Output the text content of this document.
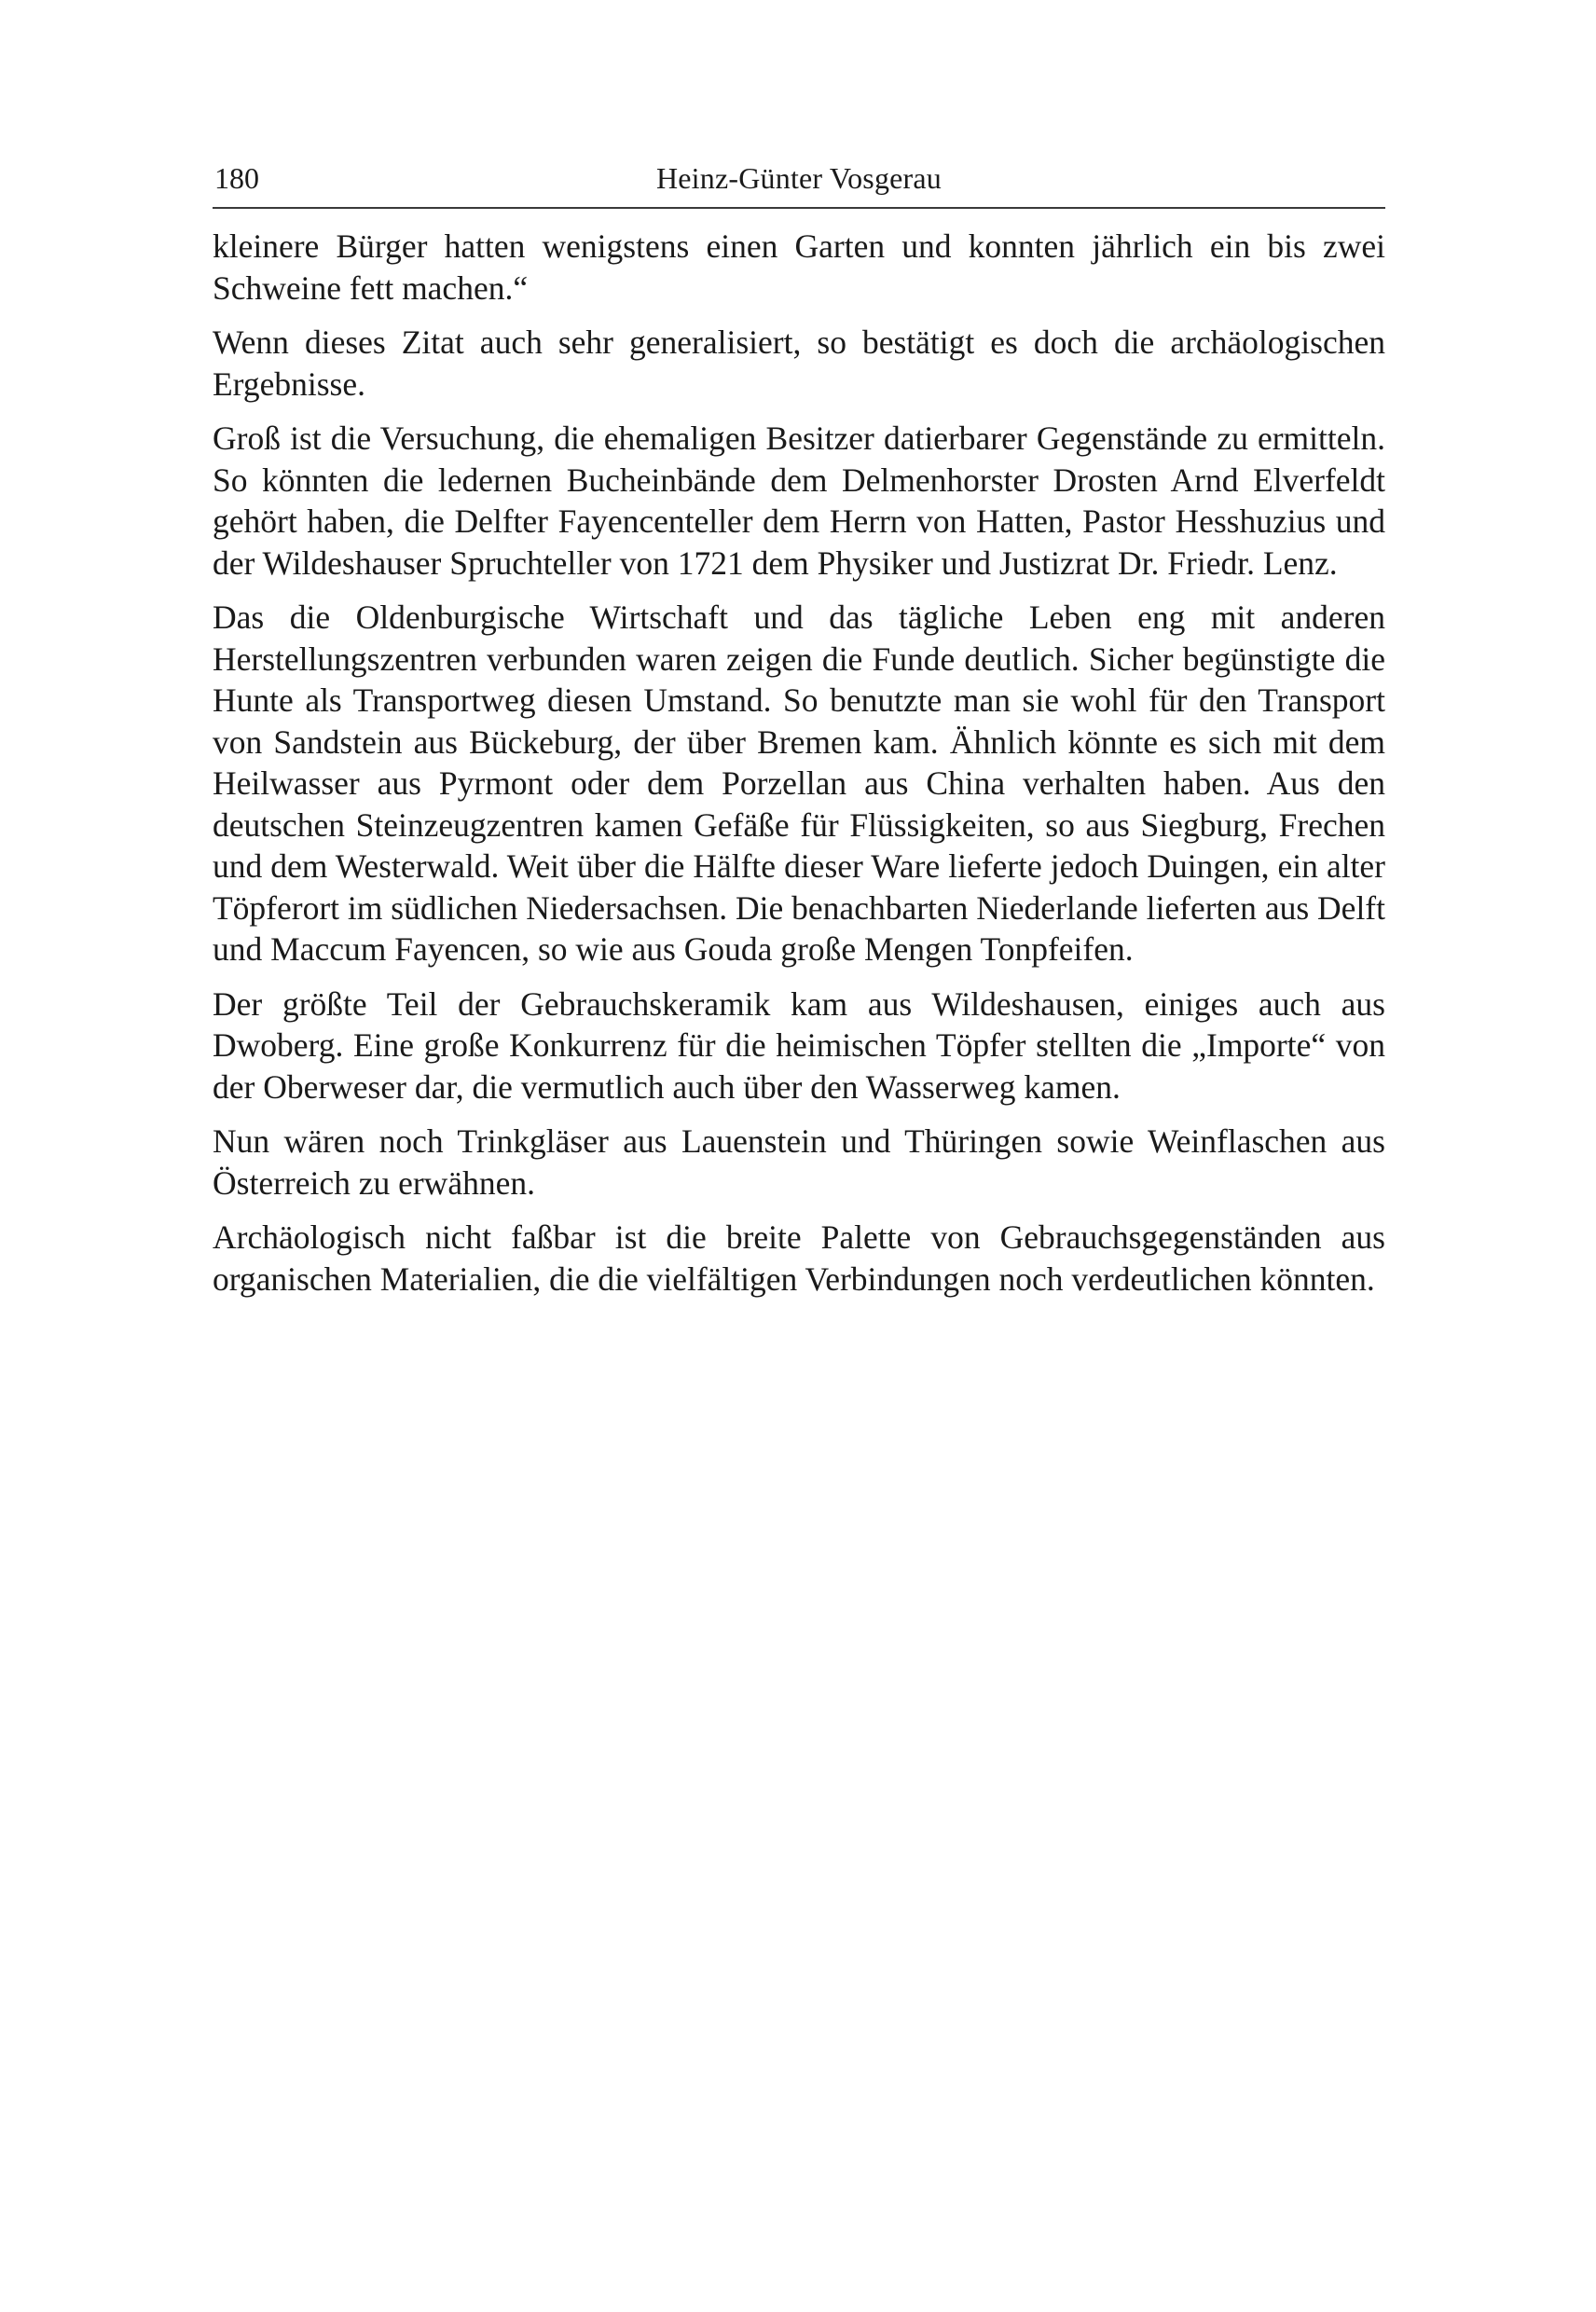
180	Heinz-Günter Vosgerau

kleinere Bürger hatten wenigstens einen Garten und konnten jährlich ein bis zwei Schweine fett machen.“

Wenn dieses Zitat auch sehr generalisiert, so bestätigt es doch die archäologischen Ergebnisse.

Groß ist die Versuchung, die ehemaligen Besitzer datierbarer Gegenstände zu ermitteln. So könnten die ledernen Bucheinbände dem Delmenhorster Drosten Arnd Elverfeldt gehört haben, die Delfter Fayencenteller dem Herrn von Hatten, Pastor Hesshuzius und der Wildeshauser Spruchteller von 1721 dem Physiker und Justizrat Dr. Friedr. Lenz.

Das die Oldenburgische Wirtschaft und das tägliche Leben eng mit anderen Herstellungszentren verbunden waren zeigen die Funde deutlich. Sicher begünstigte die Hunte als Transportweg diesen Umstand. So benutzte man sie wohl für den Transport von Sandstein aus Bückeburg, der über Bremen kam. Ähnlich könnte es sich mit dem Heilwasser aus Pyrmont oder dem Porzellan aus China verhalten haben. Aus den deutschen Steinzeugzentren kamen Gefäße für Flüssigkeiten, so aus Siegburg, Frechen und dem Westerwald. Weit über die Hälfte dieser Ware lieferte jedoch Duingen, ein alter Töpferort im südlichen Niedersachsen. Die benachbarten Niederlande lieferten aus Delft und Maccum Fayencen, so wie aus Gouda große Mengen Tonpfeifen.

Der größte Teil der Gebrauchskeramik kam aus Wildeshausen, einiges auch aus Dwoberg. Eine große Konkurrenz für die heimischen Töpfer stellten die „Importe“ von der Oberweser dar, die vermutlich auch über den Wasserweg kamen.

Nun wären noch Trinkgläser aus Lauenstein und Thüringen sowie Weinflaschen aus Österreich zu erwähnen.

Archäologisch nicht faßbar ist die breite Palette von Gebrauchsgegenständen aus organischen Materialien, die die vielfältigen Verbindungen noch verdeutlichen könnten.
